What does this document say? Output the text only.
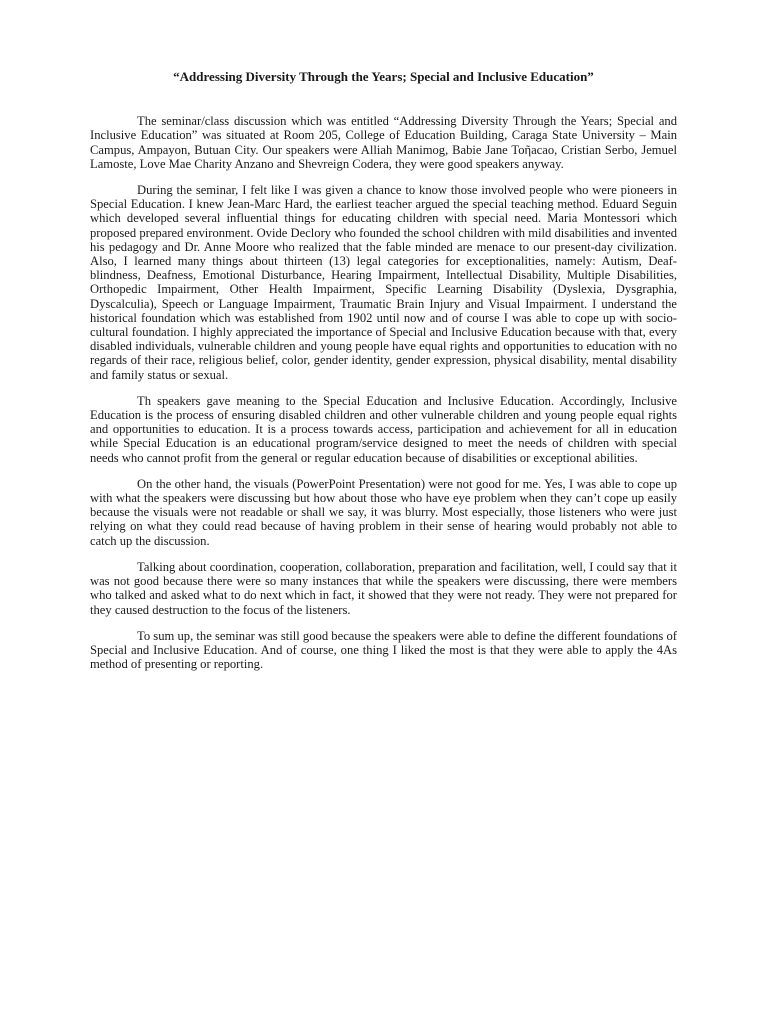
“Addressing Diversity Through the Years; Special and Inclusive Education”

The seminar/class discussion which was entitled “Addressing Diversity Through the Years; Special and Inclusive Education” was situated at Room 205, College of Education Building, Caraga State University – Main Campus, Ampayon, Butuan City. Our speakers were Alliah Manimog, Babie Jane Toῆacao, Cristian Serbo, Jemuel Lamoste, Love Mae Charity Anzano and Shevreign Codera, they were good speakers anyway.

During the seminar, I felt like I was given a chance to know those involved people who were pioneers in Special Education. I knew Jean-Marc Hard, the earliest teacher argued the special teaching method. Eduard Seguin which developed several influential things for educating children with special need. Maria Montessori which proposed prepared environment. Ovide Declory who founded the school children with mild disabilities and invented his pedagogy and Dr. Anne Moore who realized that the fable minded are menace to our present-day civilization. Also, I learned many things about thirteen (13) legal categories for exceptionalities, namely: Autism, Deaf-blindness, Deafness, Emotional Disturbance, Hearing Impairment, Intellectual Disability, Multiple Disabilities, Orthopedic Impairment, Other Health Impairment, Specific Learning Disability (Dyslexia, Dysgraphia, Dyscalculia), Speech or Language Impairment, Traumatic Brain Injury and Visual Impairment. I understand the historical foundation which was established from 1902 until now and of course I was able to cope up with socio-cultural foundation. I highly appreciated the importance of Special and Inclusive Education because with that, every disabled individuals, vulnerable children and young people have equal rights and opportunities to education with no regards of their race, religious belief, color, gender identity, gender expression, physical disability, mental disability and family status or sexual.

Th speakers gave meaning to the Special Education and Inclusive Education. Accordingly, Inclusive Education is the process of ensuring disabled children and other vulnerable children and young people equal rights and opportunities to education. It is a process towards access, participation and achievement for all in education while Special Education is an educational program/service designed to meet the needs of children with special needs who cannot profit from the general or regular education because of disabilities or exceptional abilities.

On the other hand, the visuals (PowerPoint Presentation) were not good for me. Yes, I was able to cope up with what the speakers were discussing but how about those who have eye problem when they can’t cope up easily because the visuals were not readable or shall we say, it was blurry. Most especially, those listeners who were just relying on what they could read because of having problem in their sense of hearing would probably not able to catch up the discussion.

Talking about coordination, cooperation, collaboration, preparation and facilitation, well, I could say that it was not good because there were so many instances that while the speakers were discussing, there were members who talked and asked what to do next which in fact, it showed that they were not ready. They were not prepared for they caused destruction to the focus of the listeners.

To sum up, the seminar was still good because the speakers were able to define the different foundations of Special and Inclusive Education. And of course, one thing I liked the most is that they were able to apply the 4As method of presenting or reporting.
